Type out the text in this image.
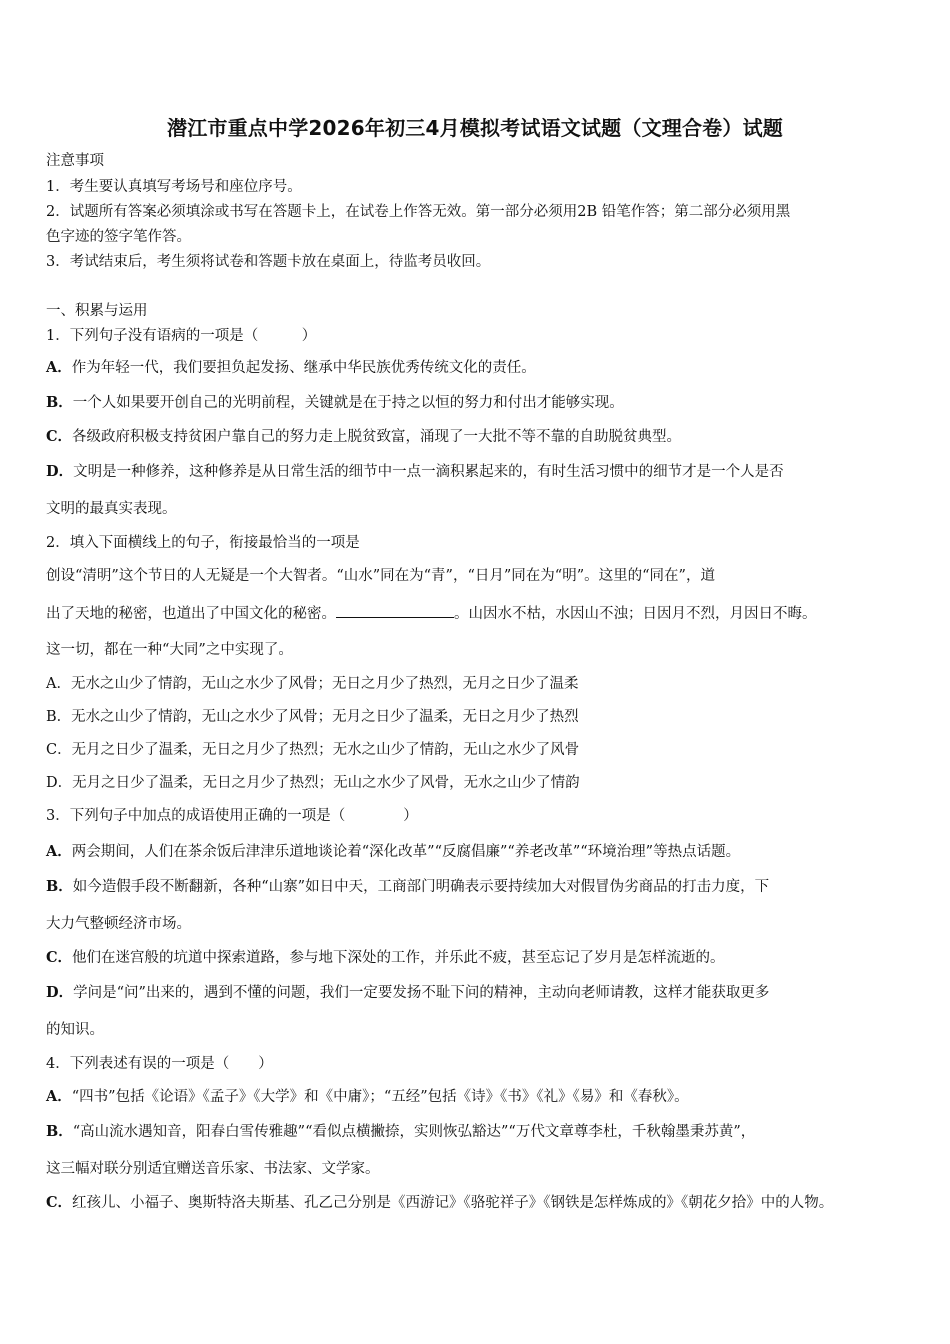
潜江市重点中学2026年初三4月模拟考试语文试题（文理合卷）试题
注意事项
1．考生要认真填写考场号和座位序号。
2．试题所有答案必须填涂或书写在答题卡上，在试卷上作答无效。第一部分必须用2B 铅笔作答；第二部分必须用黑
色字迹的签字笔作答。
3．考试结束后，考生须将试卷和答题卡放在桌面上，待监考员收回。
一、积累与运用
1．下列句子没有语病的一项是（　　　）
A．作为年轻一代，我们要担负起发扬、继承中华民族优秀传统文化的责任。
B．一个人如果要开创自己的光明前程，关键就是在于持之以恒的努力和付出才能够实现。
C．各级政府积极支持贫困户靠自己的努力走上脱贫致富，涌现了一大批不等不靠的自助脱贫典型。
D．文明是一种修养，这种修养是从日常生活的细节中一点一滴积累起来的，有时生活习惯中的细节才是一个人是否
文明的最真实表现。
2．填入下面横线上的句子，衔接最恰当的一项是
创设“清明”这个节日的人无疑是一个大智者。“山水”同在为“青”，“日月”同在为“明”。这里的“同在”，道
出了天地的秘密，也道出了中国文化的秘密。	。山因水不枯，水因山不浊；日因月不烈，月因日不晦。
这一切，都在一种“大同”之中实现了。
A．无水之山少了情韵，无山之水少了风骨；无日之月少了热烈，无月之日少了温柔
B．无水之山少了情韵，无山之水少了风骨；无月之日少了温柔，无日之月少了热烈
C．无月之日少了温柔，无日之月少了热烈；无水之山少了情韵，无山之水少了风骨
D．无月之日少了温柔，无日之月少了热烈；无山之水少了风骨，无水之山少了情韵
3．下列句子中加点的成语使用正确的一项是（　　　　）
A．两会期间，人们在茶余饭后津津乐道地谈论着“深化改革”“反腐倡廉”“养老改革”“环境治理”等热点话题。
B．如今造假手段不断翻新，各种“山寨”如日中天，工商部门明确表示要持续加大对假冒伪劣商品的打击力度，下
大力气整顿经济市场。
C．他们在迷宫般的坑道中探索道路，参与地下深处的工作，并乐此不疲，甚至忘记了岁月是怎样流逝的。
D．学问是“问”出来的，遇到不懂的问题，我们一定要发扬不耻下问的精神，主动向老师请教，这样才能获取更多
的知识。
4．下列表述有误的一项是（　　）
A．“四书”包括《论语》《孟子》《大学》和《中庸》；“五经”包括《诗》《书》《礼》《易》和《春秋》。
B．“高山流水遇知音，阳春白雪传雅趣”“看似点横撇捺，实则恢弘豁达”“万代文章尊李杜，千秋翰墨秉苏黄”，
这三幅对联分别适宜赠送音乐家、书法家、文学家。
C．红孩儿、小福子、奥斯特洛夫斯基、孔乙己分别是《西游记》《骆驼祥子》《钢铁是怎样炼成的》《朝花夕拾》中的人物。
